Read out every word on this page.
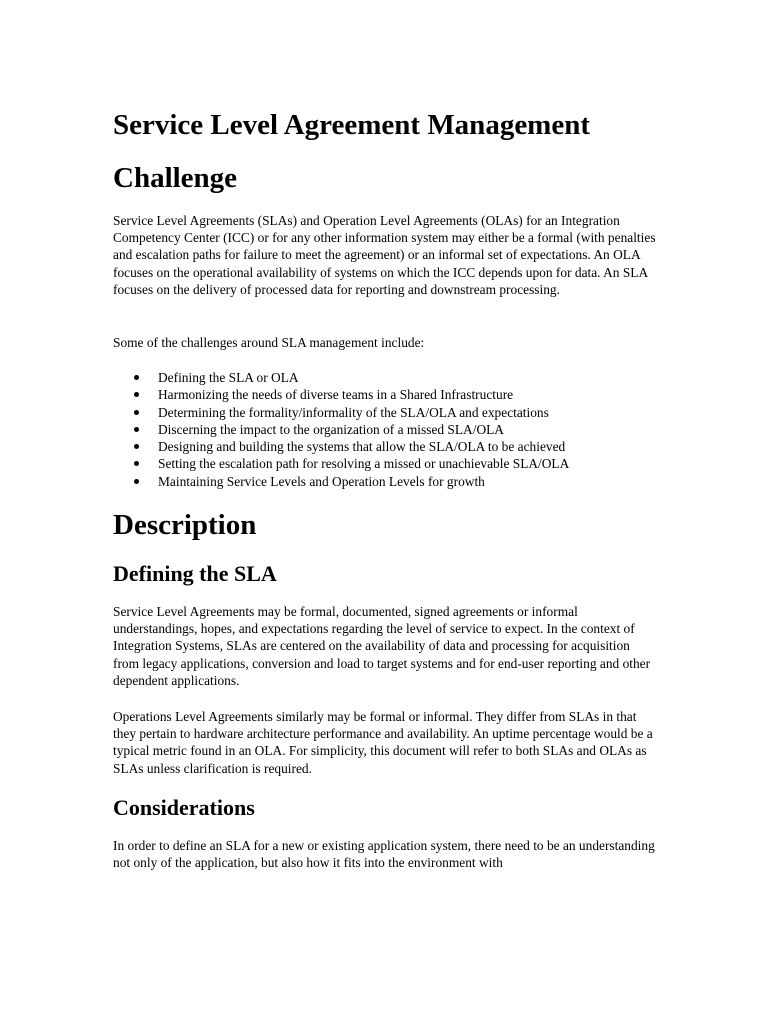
Service Level Agreement Management
Challenge

Service Level Agreements (SLAs) and Operation Level Agreements (OLAs) for an Integration Competency Center (ICC) or for any other information system may either be a formal (with penalties and escalation paths for failure to meet the agreement) or an informal set of expectations. An OLA focuses on the operational availability of systems on which the ICC depends upon for data. An SLA focuses on the delivery of processed data for reporting and downstream processing.

Some of the challenges around SLA management include:

Defining the SLA or OLA
Harmonizing the needs of diverse teams in a Shared Infrastructure
Determining the formality/informality of the SLA/OLA and expectations
Discerning the impact to the organization of a missed SLA/OLA
Designing and building the systems that allow the SLA/OLA to be achieved
Setting the escalation path for resolving a missed or unachievable SLA/OLA
Maintaining Service Levels and Operation Levels for growth
Description
Defining the SLA

Service Level Agreements may be formal, documented, signed agreements or informal understandings, hopes, and expectations regarding the level of service to expect. In the context of Integration Systems, SLAs are centered on the availability of data and processing for acquisition from legacy applications, conversion and load to target systems and for end-user reporting and other dependent applications.

Operations Level Agreements similarly may be formal or informal. They differ from SLAs in that they pertain to hardware architecture performance and availability. An uptime percentage would be a typical metric found in an OLA. For simplicity, this document will refer to both SLAs and OLAs as SLAs unless clarification is required.

Considerations

In order to define an SLA for a new or existing application system, there need to be an understanding not only of the application, but also how it fits into the environment with
